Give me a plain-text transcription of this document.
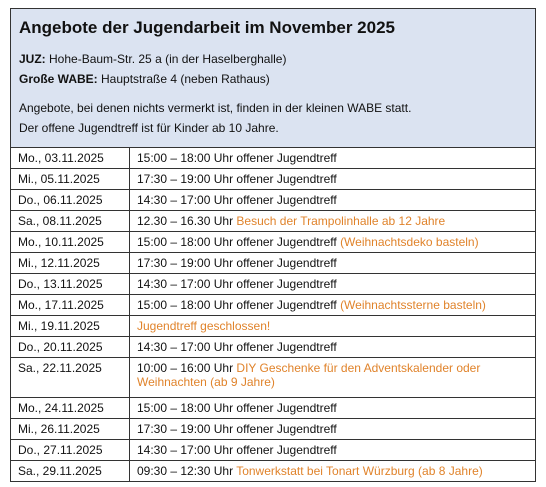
Angebote der Jugendarbeit im November 2025
JUZ: Hohe-Baum-Str. 25 a (in der Haselberghalle)
Große WABE: Hauptstraße 4 (neben Rathaus)
Angebote, bei denen nichts vermerkt ist, finden in der kleinen WABE statt.
Der offene Jugendtreff ist für Kinder ab 10 Jahre.
Mo., 03.11.2025	15:00 – 18:00 Uhr offener Jugendtreff
Mi., 05.11.2025	17:30 – 19:00 Uhr offener Jugendtreff
Do., 06.11.2025	14:30 – 17:00 Uhr offener Jugendtreff
Sa., 08.11.2025	12.30 – 16.30 Uhr Besuch der Trampolinhalle ab 12 Jahre
Mo., 10.11.2025	15:00 – 18:00 Uhr offener Jugendtreff (Weihnachtsdeko basteln)
Mi., 12.11.2025	17:30 – 19:00 Uhr offener Jugendtreff
Do., 13.11.2025	14:30 – 17:00 Uhr offener Jugendtreff
Mo., 17.11.2025	15:00 – 18:00 Uhr offener Jugendtreff (Weihnachtssterne basteln)
Mi., 19.11.2025	Jugendtreff geschlossen!
Do., 20.11.2025	14:30 – 17:00 Uhr offener Jugendtreff
Sa., 22.11.2025	10:00 – 16:00 Uhr DIY Geschenke für den Adventskalender oder Weihnachten (ab 9 Jahre)
Mo., 24.11.2025	15:00 – 18:00 Uhr offener Jugendtreff
Mi., 26.11.2025	17:30 – 19:00 Uhr offener Jugendtreff
Do., 27.11.2025	14:30 – 17:00 Uhr offener Jugendtreff
Sa., 29.11.2025	09:30 – 12:30 Uhr Tonwerkstatt bei Tonart Würzburg (ab 8 Jahre)
